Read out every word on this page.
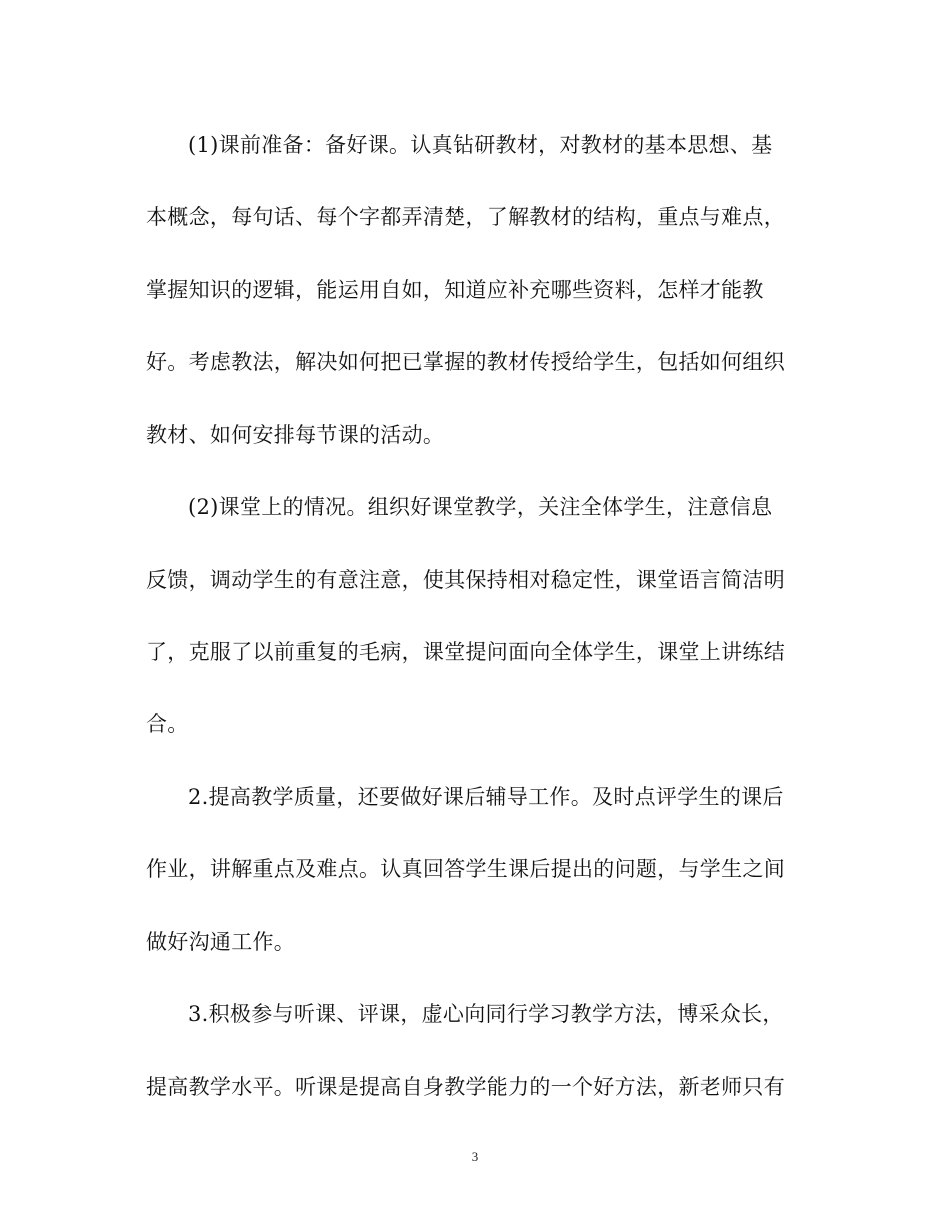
(1)课前准备：备好课。认真钻研教材，对教材的基本思想、基
本概念，每句话、每个字都弄清楚，了解教材的结构，重点与难点，
掌握知识的逻辑，能运用自如，知道应补充哪些资料，怎样才能教
好。考虑教法，解决如何把已掌握的教材传授给学生，包括如何组织
教材、如何安排每节课的活动。
(2)课堂上的情况。组织好课堂教学，关注全体学生，注意信息
反馈，调动学生的有意注意，使其保持相对稳定性，课堂语言简洁明
了，克服了以前重复的毛病，课堂提问面向全体学生，课堂上讲练结
合。
2.提高教学质量，还要做好课后辅导工作。及时点评学生的课后
作业，讲解重点及难点。认真回答学生课后提出的问题，与学生之间
做好沟通工作。
3.积极参与听课、评课，虚心向同行学习教学方法，博采众长，
提高教学水平。听课是提高自身教学能力的一个好方法，新老师只有
3
